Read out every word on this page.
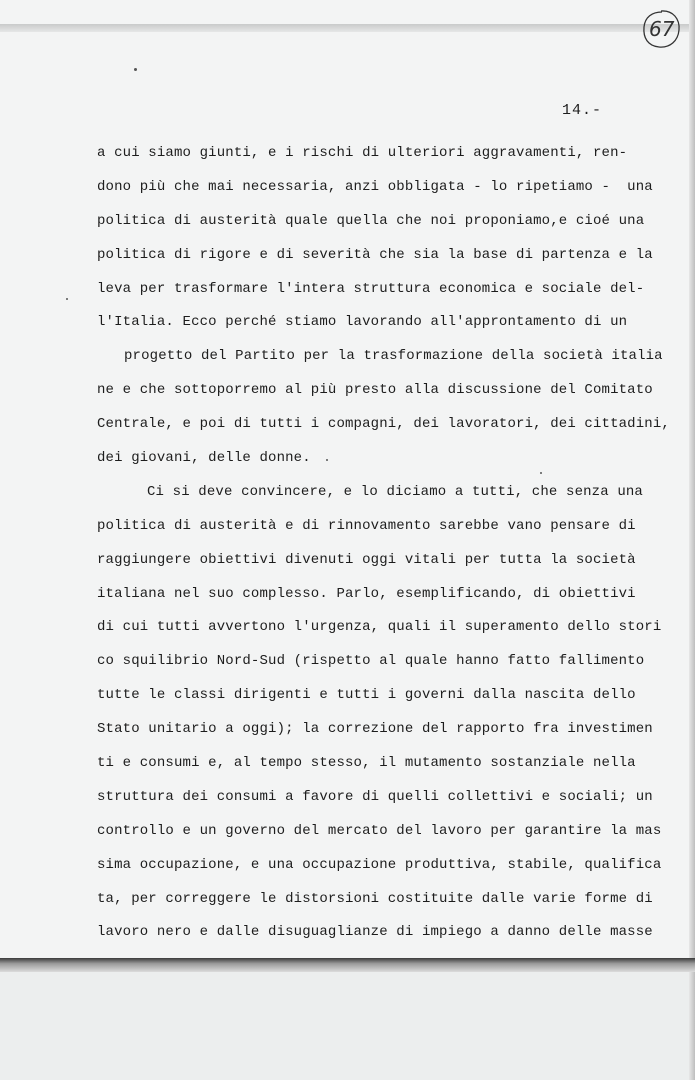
67
14.-
a cui siamo giunti, e i rischi di ulteriori aggravamenti, ren-
dono più che mai necessaria, anzi obbligata - lo ripetiamo -  una
politica di austerità quale quella che noi proponiamo,e cioé una
politica di rigore e di severità che sia la base di partenza e la
leva per trasformare l'intera struttura economica e sociale del-
l'Italia. Ecco perché stiamo lavorando all'approntamento di un
progetto del Partito per la trasformazione della società italia
ne e che sottoporremo al più presto alla discussione del Comitato
Centrale, e poi di tutti i compagni, dei lavoratori, dei cittadini,
dei giovani, delle donne.
Ci si deve convincere, e lo diciamo a tutti, che senza una
politica di austerità e di rinnovamento sarebbe vano pensare di
raggiungere obiettivi divenuti oggi vitali per tutta la società
italiana nel suo complesso. Parlo, esemplificando, di obiettivi
di cui tutti avvertono l'urgenza, quali il superamento dello stori
co squilibrio Nord-Sud (rispetto al quale hanno fatto fallimento
tutte le classi dirigenti e tutti i governi dalla nascita dello
Stato unitario a oggi); la correzione del rapporto fra investimen
ti e consumi e, al tempo stesso, il mutamento sostanziale nella
struttura dei consumi a favore di quelli collettivi e sociali; un
controllo e un governo del mercato del lavoro per garantire la mas
sima occupazione, e una occupazione produttiva, stabile, qualifica
ta, per correggere le distorsioni costituite dalle varie forme di
lavoro nero e dalle disuguaglianze di impiego a danno delle masse
